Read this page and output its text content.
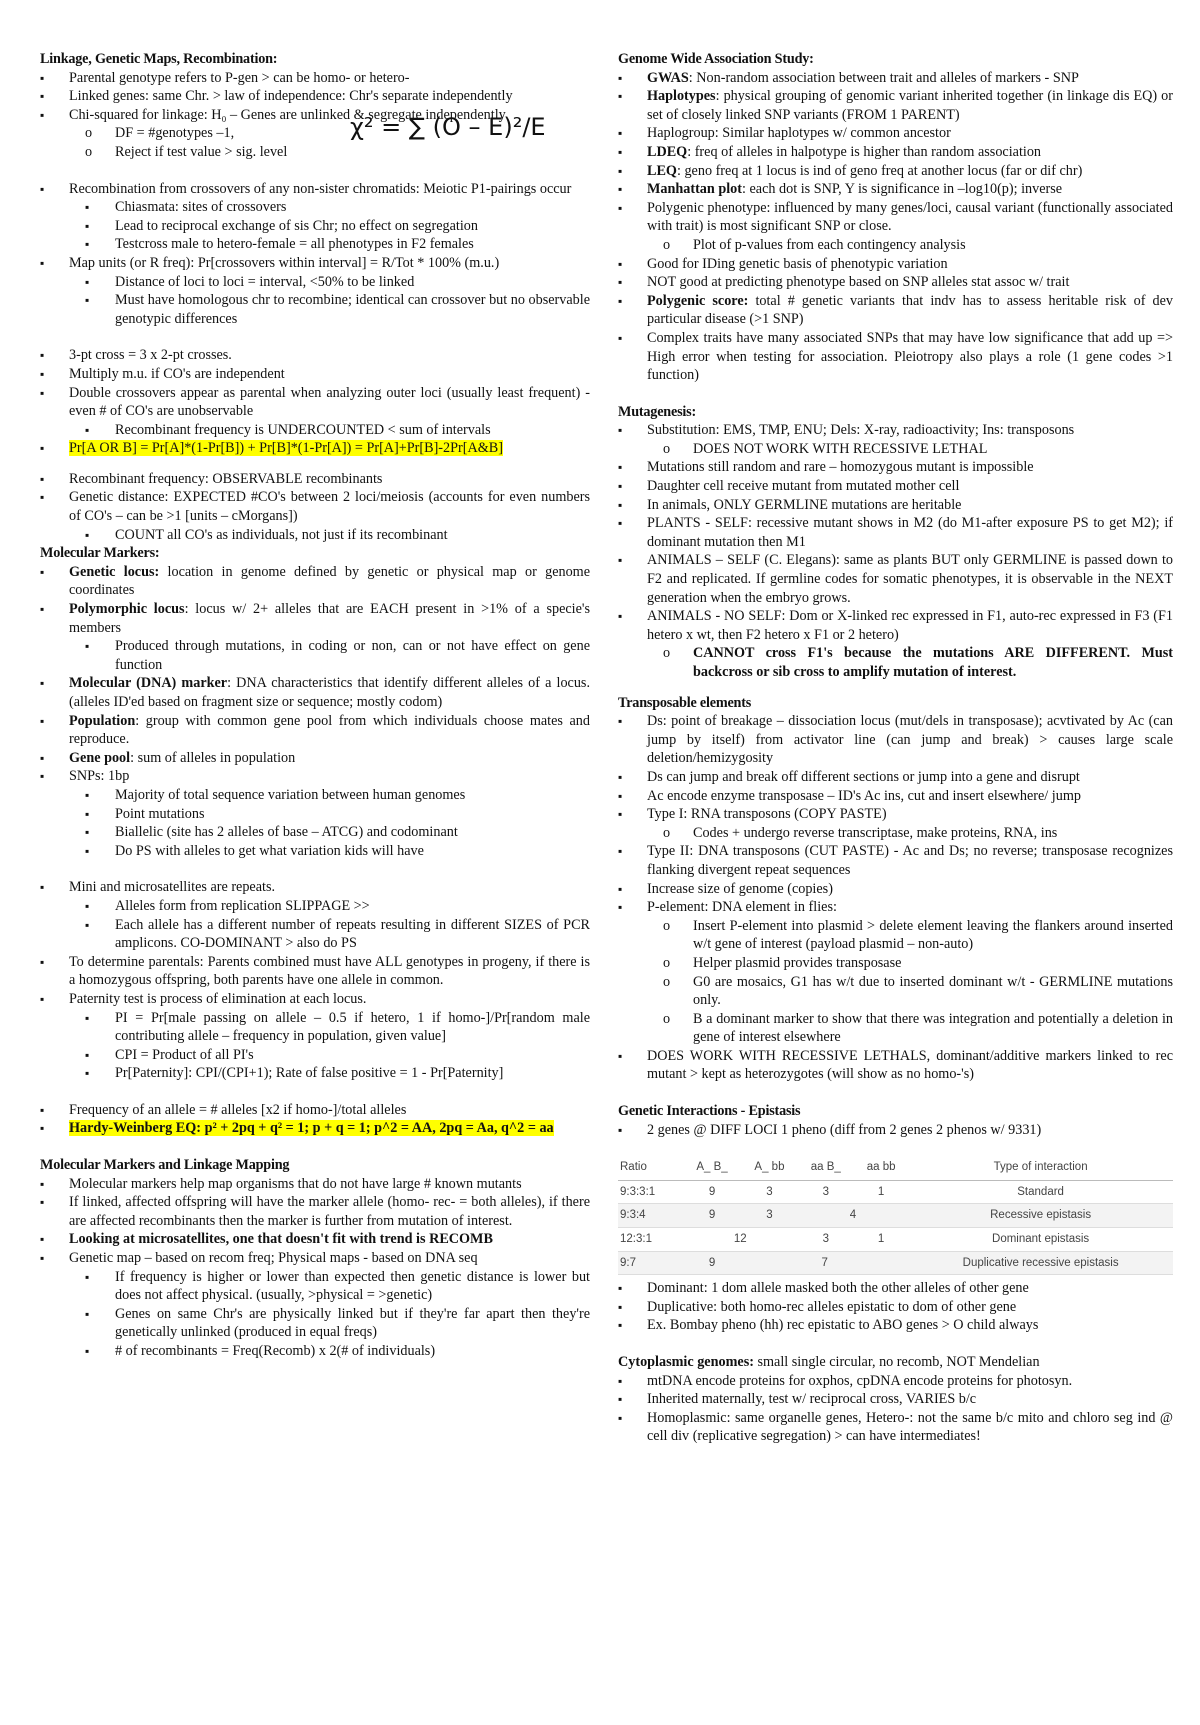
Linkage, Genetic Maps, Recombination:
▪ Parental genotype refers to P-gen > can be homo- or hetero-
▪ Linked genes: same Chr. > law of independence: Chr's separate independently
▪ Chi-squared for linkage: H₀ – Genes are unlinked & segregate independently
o DF = #genotypes –1,	χ² = ∑ (O – E)²/E
o Reject if test value > sig. level
▪ Recombination from crossovers of any non-sister chromatids: Meiotic P1-pairings occur
▪ Chiasmata: sites of crossovers
▪ Lead to reciprocal exchange of sis Chr; no effect on segregation
▪ Testcross male to hetero-female = all phenotypes in F2 females
▪ Map units (or R freq): Pr[crossovers within interval] = R/Tot * 100% (m.u.)
▪ Distance of loci to loci = interval, <50% to be linked
▪ Must have homologous chr to recombine; identical can crossover but no observable genotypic differences
▪ 3-pt cross = 3 x 2-pt crosses.
▪ Multiply m.u. if CO's are independent
▪ Double crossovers appear as parental when analyzing outer loci (usually least frequent) - even # of CO's are unobservable
▪ Recombinant frequency is UNDERCOUNTED < sum of intervals
▪ Pr[A OR B] = Pr[A]*(1-Pr[B]) + Pr[B]*(1-Pr[A]) = Pr[A]+Pr[B]-2Pr[A&B]
▪ Recombinant frequency: OBSERVABLE recombinants
▪ Genetic distance: EXPECTED #CO's between 2 loci/meiosis (accounts for even numbers of CO's – can be >1 [units – cMorgans])
▪ COUNT all CO's as individuals, not just if its recombinant
Molecular Markers:
▪ Genetic locus: location in genome defined by genetic or physical map or genome coordinates
▪ Polymorphic locus: locus w/ 2+ alleles that are EACH present in >1% of a specie's members
▪ Produced through mutations, in coding or non, can or not have effect on gene function
▪ Molecular (DNA) marker: DNA characteristics that identify different alleles of a locus. (alleles ID'ed based on fragment size or sequence; mostly codom)
▪ Population: group with common gene pool from which individuals choose mates and reproduce.
▪ Gene pool: sum of alleles in population
▪ SNPs: 1bp
▪ Majority of total sequence variation between human genomes
▪ Point mutations
▪ Biallelic (site has 2 alleles of base – ATCG) and codominant
▪ Do PS with alleles to get what variation kids will have
▪ Mini and microsatellites are repeats.
▪ Alleles form from replication SLIPPAGE >>
▪ Each allele has a different number of repeats resulting in different SIZES of PCR amplicons. CO-DOMINANT > also do PS
▪ To determine parentals: Parents combined must have ALL genotypes in progeny, if there is a homozygous offspring, both parents have one allele in common.
▪ Paternity test is process of elimination at each locus.
▪ PI = Pr[male passing on allele – 0.5 if hetero, 1 if homo-]/Pr[random male contributing allele – frequency in population, given value]
▪ CPI = Product of all PI's
▪ Pr[Paternity]: CPI/(CPI+1); Rate of false positive = 1 - Pr[Paternity]
▪ Frequency of an allele = # alleles [x2 if homo-]/total alleles
▪ Hardy-Weinberg EQ: p² + 2pq + q² = 1; p + q = 1; p^2 = AA, 2pq = Aa, q^2 = aa
Molecular Markers and Linkage Mapping
▪ Molecular markers help map organisms that do not have large # known mutants
▪ If linked, affected offspring will have the marker allele (homo- rec- = both alleles), if there are affected recombinants then the marker is further from mutation of interest.
▪ Looking at microsatellites, one that doesn't fit with trend is RECOMB
▪ Genetic map – based on recom freq; Physical maps - based on DNA seq
▪ If frequency is higher or lower than expected then genetic distance is lower but does not affect physical. (usually, >physical = >genetic)
▪ Genes on same Chr's are physically linked but if they're far apart then they're genetically unlinked (produced in equal freqs)
▪ # of recombinants = Freq(Recomb) x 2(# of individuals)
Genome Wide Association Study:
▪ GWAS: Non-random association between trait and alleles of markers - SNP
▪ Haplotypes: physical grouping of genomic variant inherited together (in linkage dis EQ) or set of closely linked SNP variants (FROM 1 PARENT)
▪ Haplogroup: Similar haplotypes w/ common ancestor
▪ LDEQ: freq of alleles in halpotype is higher than random association
▪ LEQ: geno freq at 1 locus is ind of geno freq at another locus (far or dif chr)
▪ Manhattan plot: each dot is SNP, Y is significance in –log10(p); inverse
▪ Polygenic phenotype: influenced by many genes/loci, causal variant (functionally associated with trait) is most significant SNP or close.
o Plot of p-values from each contingency analysis
▪ Good for IDing genetic basis of phenotypic variation
▪ NOT good at predicting phenotype based on SNP alleles stat assoc w/ trait
▪ Polygenic score: total # genetic variants that indv has to assess heritable risk of dev particular disease (>1 SNP)
▪ Complex traits have many associated SNPs that may have low significance that add up => High error when testing for association. Pleiotropy also plays a role (1 gene codes >1 function)
Mutagenesis:
▪ Substitution: EMS, TMP, ENU; Dels: X-ray, radioactivity; Ins: transposons
o DOES NOT WORK WITH RECESSIVE LETHAL
▪ Mutations still random and rare – homozygous mutant is impossible
▪ Daughter cell receive mutant from mutated mother cell
▪ In animals, ONLY GERMLINE mutations are heritable
▪ PLANTS - SELF: recessive mutant shows in M2 (do M1-after exposure PS to get M2); if dominant mutation then M1
▪ ANIMALS – SELF (C. Elegans): same as plants BUT only GERMLINE is passed down to F2 and replicated. If germline codes for somatic phenotypes, it is observable in the NEXT generation when the embryo grows.
▪ ANIMALS - NO SELF: Dom or X-linked rec expressed in F1, auto-rec expressed in F3 (F1 hetero x wt, then F2 hetero x F1 or 2 hetero)
o CANNOT cross F1's because the mutations ARE DIFFERENT. Must backcross or sib cross to amplify mutation of interest.
Transposable elements
▪ Ds: point of breakage – dissociation locus (mut/dels in transposase); acvtivated by Ac (can jump by itself) from activator line (can jump and break) > causes large scale deletion/hemizygosity
▪ Ds can jump and break off different sections or jump into a gene and disrupt
▪ Ac encode enzyme transposase – ID's Ac ins, cut and insert elsewhere/ jump
▪ Type I: RNA transposons (COPY PASTE)
o Codes + undergo reverse transcriptase, make proteins, RNA, ins
▪ Type II: DNA transposons (CUT PASTE) - Ac and Ds; no reverse; transposase recognizes flanking divergent repeat sequences
▪ Increase size of genome (copies)
▪ P-element: DNA element in flies:
o Insert P-element into plasmid > delete element leaving the flankers around inserted w/t gene of interest (payload plasmid – non-auto)
o Helper plasmid provides transposase
o G0 are mosaics, G1 has w/t due to inserted dominant w/t - GERMLINE mutations only.
o B a dominant marker to show that there was integration and potentially a deletion in gene of interest elsewhere
▪ DOES WORK WITH RECESSIVE LETHALS, dominant/additive markers linked to rec mutant > kept as heterozygotes (will show as no homo-'s)
Genetic Interactions - Epistasis
▪ 2 genes @ DIFF LOCI 1 pheno (diff from 2 genes 2 phenos w/ 9331)
Ratio	A_ B_	A_ bb	aa B_	aa bb	Type of interaction
9:3:3:1	9	3	3	1	Standard
9:3:4	9	3	4		Recessive epistasis
12:3:1	12		3	1	Dominant epistasis
9:7	9	7			Duplicative recessive epistasis
▪ Dominant: 1 dom allele masked both the other alleles of other gene
▪ Duplicative: both homo-rec alleles epistatic to dom of other gene
▪ Ex. Bombay pheno (hh) rec epistatic to ABO genes > O child always
Cytoplasmic genomes: small single circular, no recomb, NOT Mendelian
▪ mtDNA encode proteins for oxphos, cpDNA encode proteins for photosyn.
▪ Inherited maternally, test w/ reciprocal cross, VARIES b/c
▪ Homoplasmic: same organelle genes, Hetero-: not the same b/c mito and chloro seg ind @ cell div (replicative segregation) > can have intermediates!
